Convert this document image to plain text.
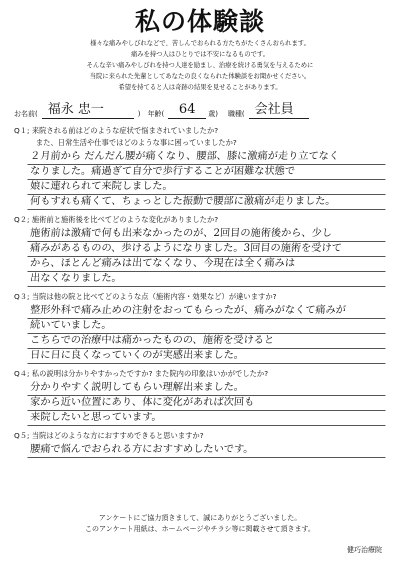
私の体験談
様々な痛みやしびれなどで、苦しんでおられる方たちがたくさんおられます。
痛みを持つ人はひとりでは不安になるものです。
そんな辛い痛みやしびれを持つ人達を励まし、治療を続ける勇気を与えるために
当院に来られた先輩としてあなたの良くなられた体験談をお聞かせください。
希望を持てると人は奇跡の結果を見せることがあります。
お名前( 福永 忠一	)　年齢(	64	歳) 職種( 会社員
Q１; 来院される前はどのような症状で悩まされていましたか?
　　　また、日常生活や仕事ではどのような事に困っていましたか?
２月前から だんだん腰が痛くなり、腰部、膝に激痛が走り立てなく
なりました。痛過ぎて自分で歩行することが困難な状態で
娘に連れられて来院しました。
何もすれも痛くて、ちょっとした振動で腰部に激痛が走りました。
Q２; 施術前と施術後を比べてどのような変化がありましたか?
施術前は激痛で何も出来なかったのが、2回目の施術後から、少し
痛みがあるものの、歩けるようになりました。3回目の施術を受けて
から、ほとんど痛みは出てなくなり、今現在は全く痛みは
出なくなりました。
Q３; 当院は他の院と比べてどのような点（施術内容・効果など）が違いますか?
整形外科で痛み止めの注射をおってもらったが、痛みがなくて痛みが
続いていました。
こちらでの治療中は痛かったものの、施術を受けると
日に日に良くなっていくのが実感出来ました。
Q４; 私の説明は分かりやすかったですか? また院内の印象はいかがでしたか?
分かりやすく説明してもらい理解出来ました。
家から近い位置にあり、体に変化があれば次回も
来院したいと思っています。
Q５; 当院はどのような方におすすめできると思いますか?
腰痛で悩んでおられる方におすすめしたいです。
アンケートにご協力頂きまして、誠にありがとうございました。
このアンケート用紙は、ホームページやチラシ等に掲載させて頂きます。
健巧治療院
